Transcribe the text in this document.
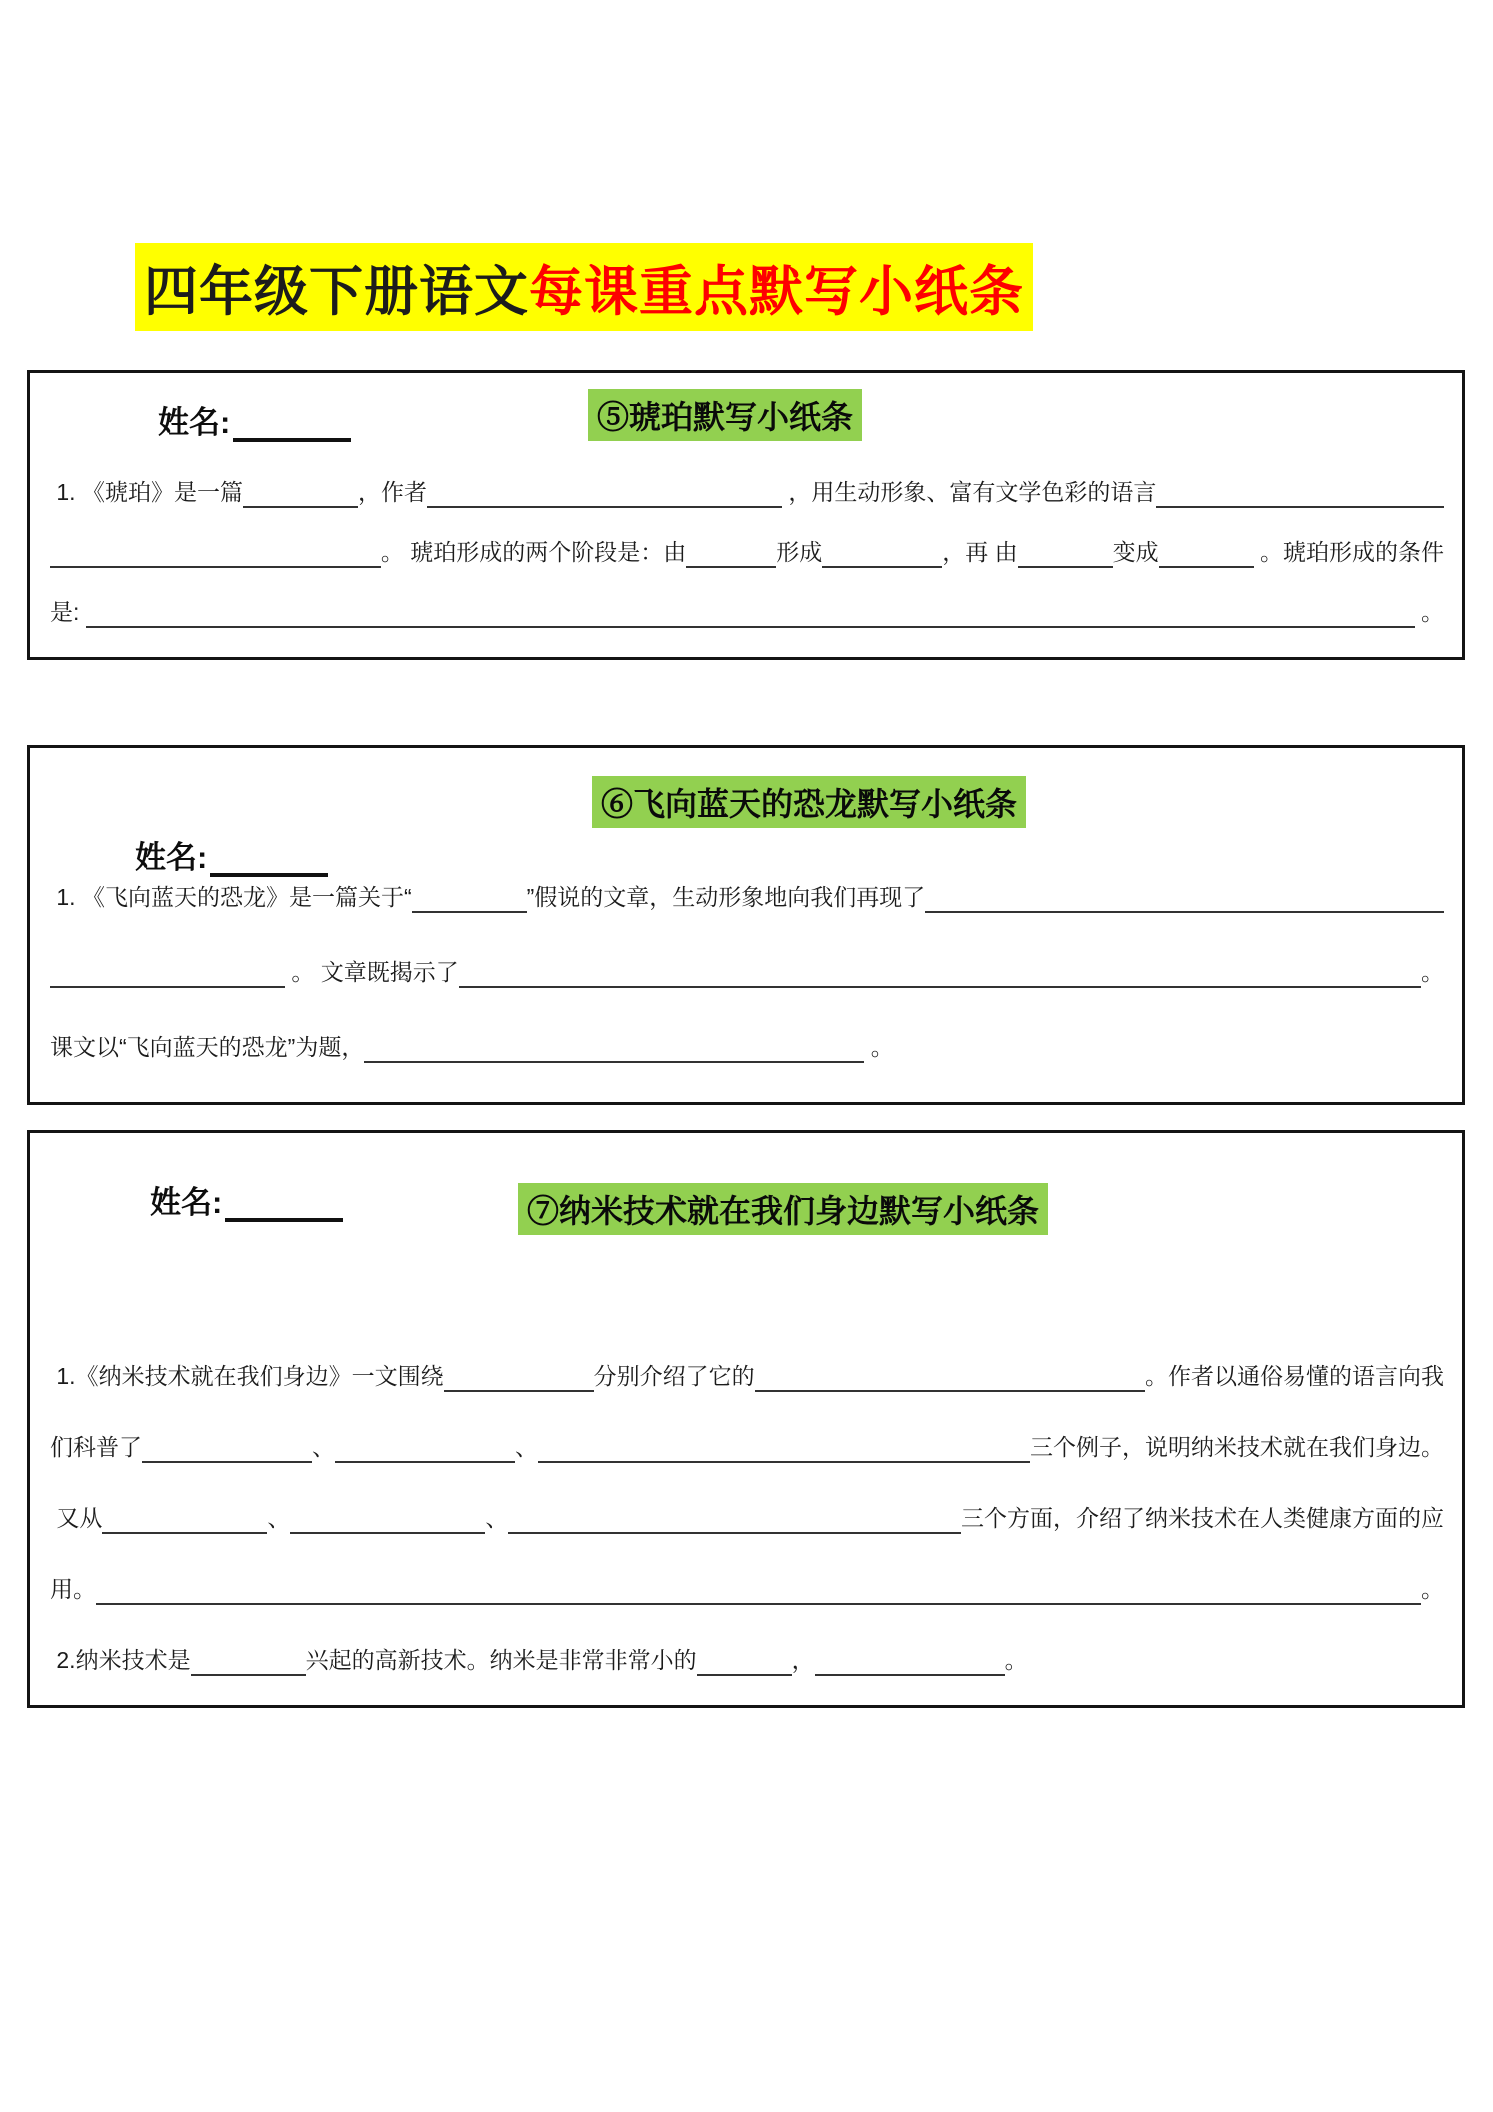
四年级下册语文 每课重点默写小纸条
姓名:	⑤琥珀默写小纸条
1. 《琥珀》是一篇	，作者	，用生动形象、富有文学色彩的语言
。 琥珀形成的两个阶段是：由	形成	，再 由	变成	。琥珀形成的条件
是:	。
⑥飞向蓝天的恐龙默写小纸条
姓名:
1. 《飞向蓝天的恐龙》是一篇关于“	”假说的文章，生动形象地向我们再现了
。 文章既揭示了	。
课文以“飞向蓝天的恐龙”为题，	。
姓名:	⑦纳米技术就在我们身边默写小纸条
1.《纳米技术就在我们身边》一文围绕	分别介绍了它的	。作者以通俗易懂的语言向我
们科普了	、	、	三个例子，说明纳米技术就在我们身边。
又从	、	、	三个方面，介绍了纳米技术在人类健康方面的应
用。	。
2.纳米技术是	兴起的高新技术。纳米是非常非常小的	，	。
